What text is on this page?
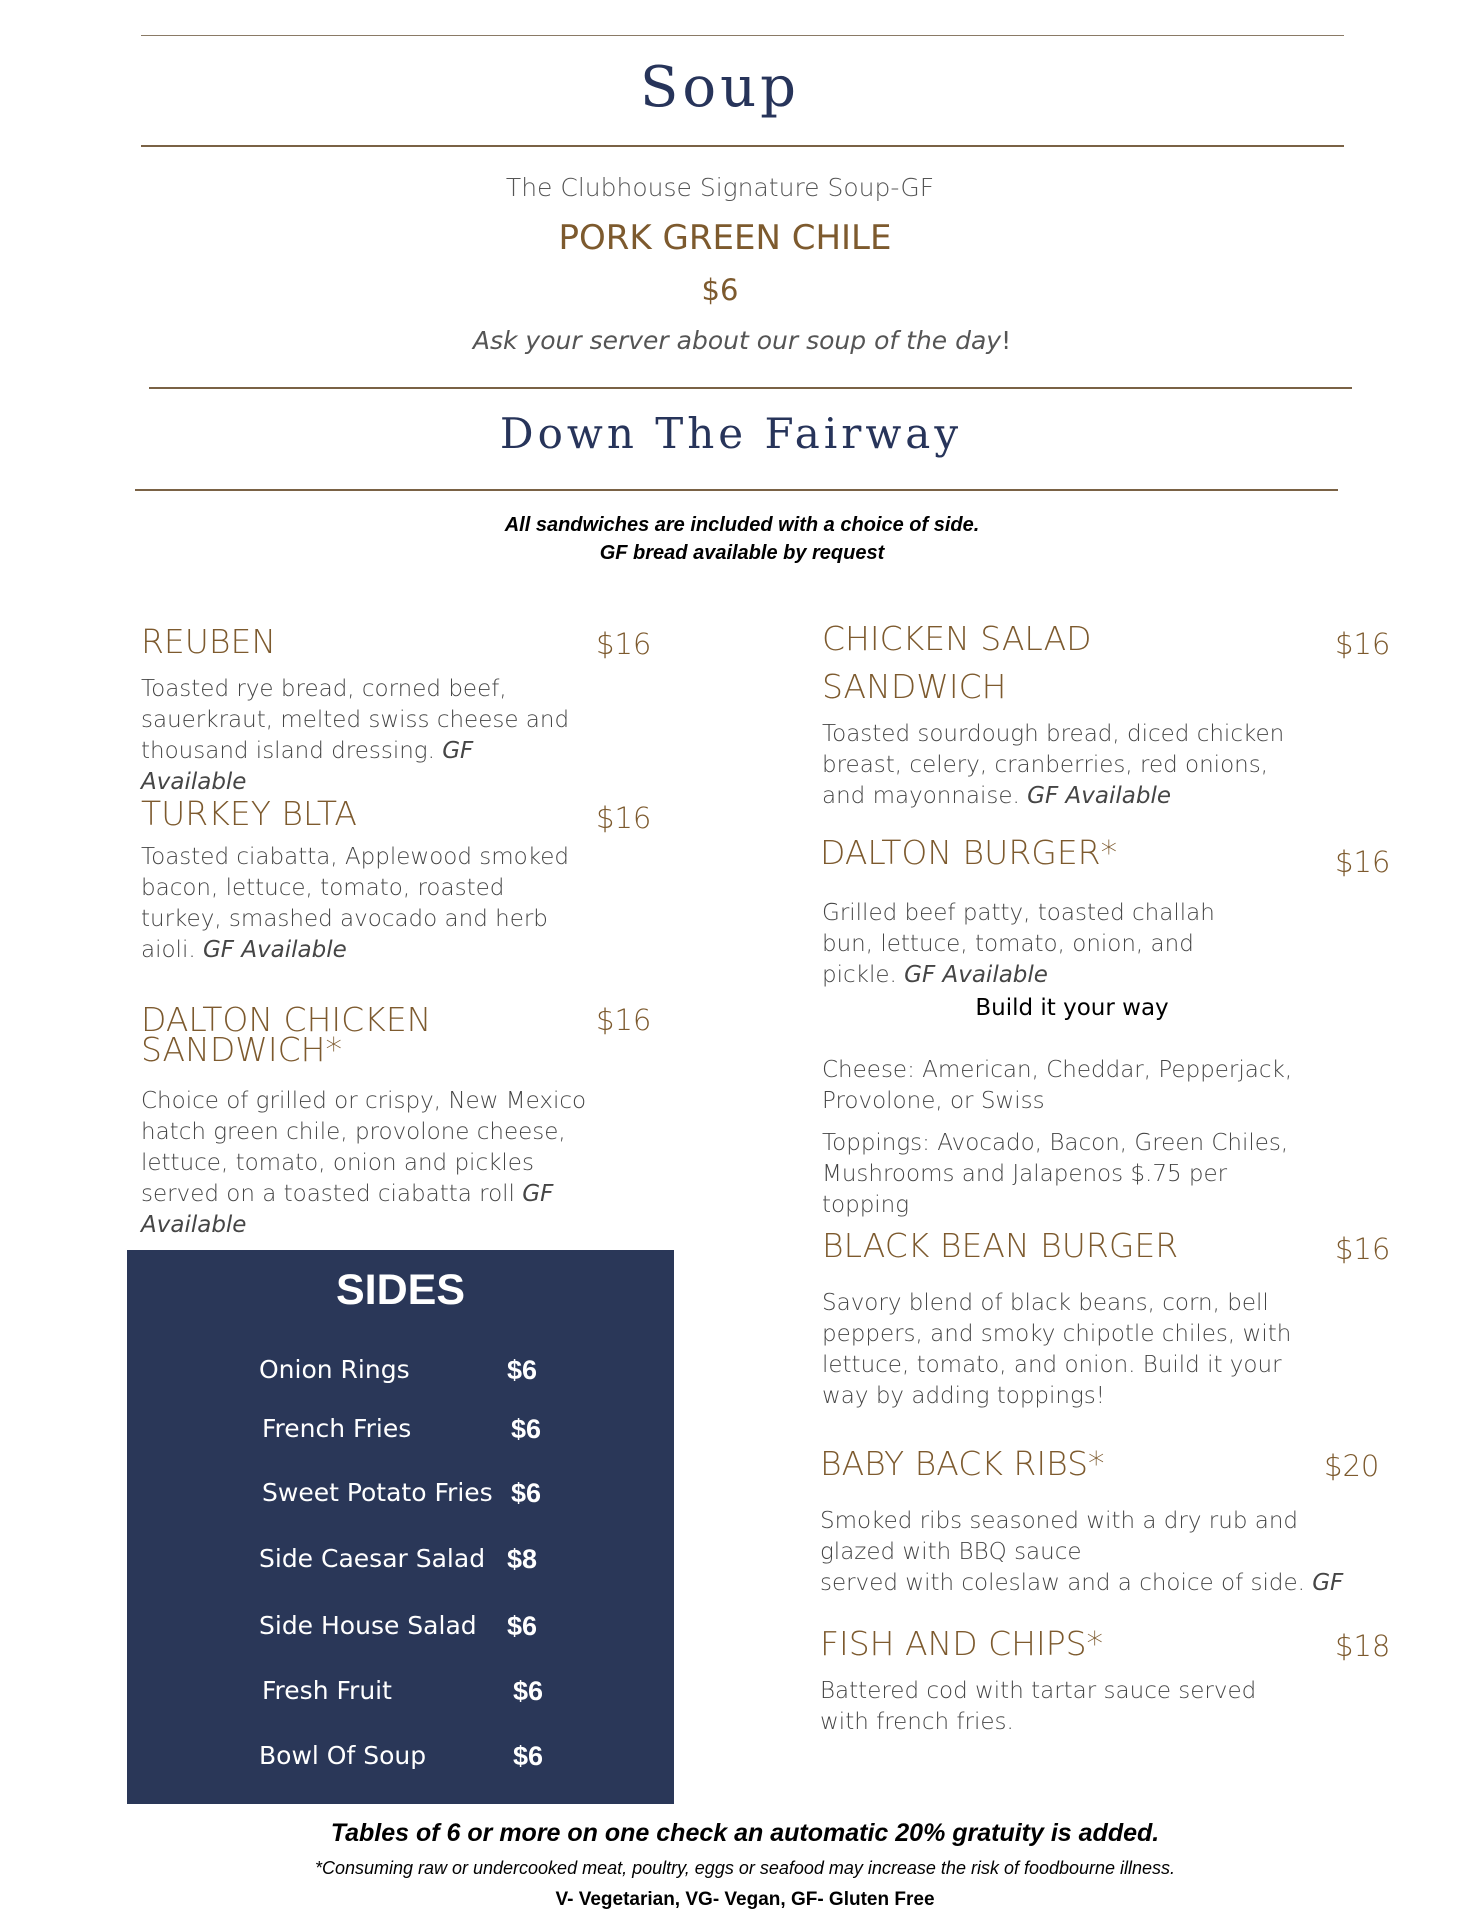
Soup
The Clubhouse Signature Soup-GF
PORK GREEN CHILE
$6
Ask your server about our soup of the day!
Down The Fairway
All sandwiches are included with a choice of side.
GF bread available by request
REUBEN	$16
Toasted rye bread, corned beef, sauerkraut, melted swiss cheese and thousand island dressing. GF Available
TURKEY BLTA	$16
Toasted ciabatta, Applewood smoked bacon, lettuce, tomato, roasted turkey, smashed avocado and herb aioli. GF Available
DALTON CHICKEN
SANDWICH*
$16
Choice of grilled or crispy, New Mexico hatch green chile, provolone cheese, lettuce, tomato, onion and pickles served on a toasted ciabatta roll GF Available
SIDES
Onion Rings	$6
French Fries	$6
Sweet Potato Fries $6
Side Caesar Salad $8
Side House Salad $6
Fresh Fruit	$6
Bowl Of Soup	$6
CHICKEN SALAD
SANDWICH
$16
Toasted sourdough bread, diced chicken breast, celery, cranberries, red onions, and mayonnaise. GF Available
DALTON BURGER*	$16
Grilled beef patty, toasted challah bun, lettuce, tomato, onion, and pickle. GF Available
Build it your way
Cheese: American, Cheddar, Pepperjack, Provolone, or Swiss
Toppings: Avocado, Bacon, Green Chiles, Mushrooms and Jalapenos $.75 per topping
BLACK BEAN BURGER	$16
Savory blend of black beans, corn, bell peppers, and smoky chipotle chiles, with lettuce, tomato, and onion. Build it your way by adding toppings!
BABY BACK RIBS*	$20
Smoked ribs seasoned with a dry rub and
glazed with BBQ sauce
served with coleslaw and a choice of side. GF
FISH AND CHIPS*	$18
Battered cod with tartar sauce served with french fries.
Tables of 6 or more on one check an automatic 20% gratuity is added.
*Consuming raw or undercooked meat, poultry, eggs or seafood may increase the risk of foodbourne illness.
V- Vegetarian, VG- Vegan, GF- Gluten Free
